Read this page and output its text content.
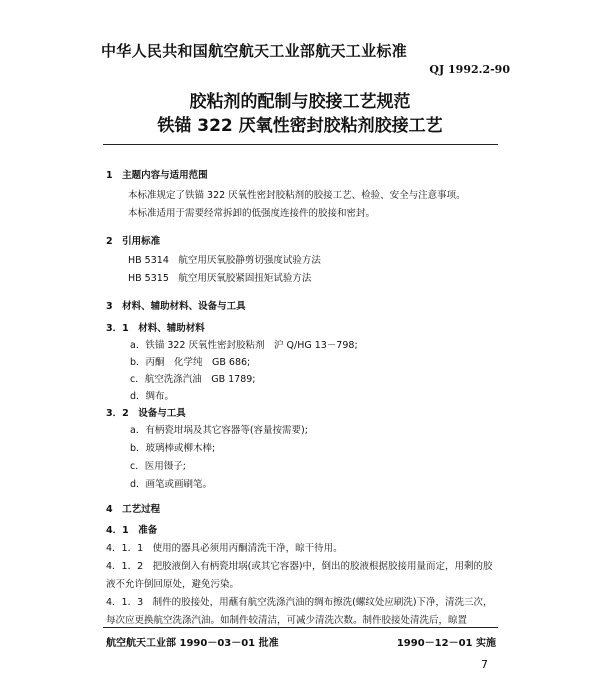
中华人民共和国航空航天工业部航天工业标准
QJ 1992.2-90
胶粘剂的配制与胶接工艺规范
铁锚 322 厌氧性密封胶粘剂胶接工艺
1　主题内容与适用范围
本标准规定了铁锚 322 厌氧性密封胶粘剂的胶接工艺、检验、安全与注意事项。
本标准适用于需要经常拆卸的低强度连接件的胶接和密封。
2　引用标准
HB 5314　航空用厌氧胶静剪切强度试验方法
HB 5315　航空用厌氧胶紧固扭矩试验方法
3　材料、辅助材料、设备与工具
3．1　材料、辅助材料
a．铁锚 322 厌氧性密封胶粘剂　沪 Q/HG 13－798;
b．丙酮　化学纯　GB 686;
c．航空洗涤汽油　GB 1789;
d．绸布。
3．2　设备与工具
a．有柄瓷坩埚及其它容器等(容量按需要);
b．玻璃棒或柳木棒;
c．医用镊子;
d．画笔或画刷笔。
4　工艺过程
4．1　准备
4．1．1　使用的器具必须用丙酮清洗干净，晾干待用。
4．1．2　把胶液倒入有柄瓷坩埚(或其它容器)中，倒出的胶液根据胶接用量而定，用剩的胶
液不允许倒回原处，避免污染。
4．1．3　制件的胶接处，用蘸有航空洗涤汽油的绸布擦洗(螺纹处应刷洗)下净，清洗三次，
每次应更换航空洗涤汽油。如制件较清洁，可减少清洗次数。制件胶接处清洗后，晾置
航空航天工业部 1990－03－01 批准	1990－12－01 实施
7
